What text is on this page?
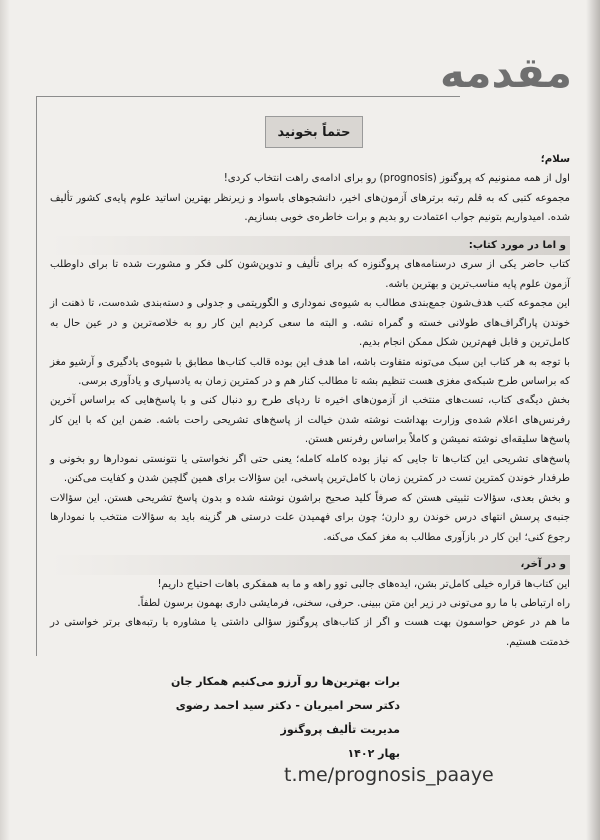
مقدمه
حتماً بخونید

سلام؛

اول از همه ممنونیم که پروگنوز (prognosis) رو برای ادامه‌ی راهت انتخاب کردی!

مجموعه کتبی که به قلم رتبه برترهای آزمون‌های اخیر، دانشجوهای باسواد و زیرنظر بهترین اساتید علوم پایه‌ی کشور تألیف شده. امیدواریم بتونیم جواب اعتمادت رو بدیم و برات خاطره‌ی خوبی بسازیم.

و اما در مورد کتاب:

کتاب حاضر یکی از سری درسنامه‌های پروگنوزه که برای تألیف و تدوین‌شون کلی فکر و مشورت شده تا برای داوطلب آزمون علوم پایه مناسب‌ترین و بهترین باشه.

این مجموعه کتب هدف‌شون جمع‌بندی مطالب به شیوه‌ی نموداری و الگوریتمی و جدولی و دسته‌بندی شده‌ست، تا ذهنت از خوندن پاراگراف‌های طولانی خسته و گمراه نشه. و البته ما سعی کردیم این کار رو به خلاصه‌ترین و در عین حال به کامل‌ترین و قابل فهم‌ترین شکل ممکن انجام بدیم.

با توجه به هر کتاب این سبک می‌تونه متفاوت باشه، اما هدف این بوده قالب کتاب‌ها مطابق با شیوه‌ی یادگیری و آرشیو مغز که براساس طرح شبکه‌ی مغزی هست تنظیم بشه تا مطالب کنار هم و در کمترین زمان به یادسپاری و یادآوری برسی.

بخش دیگه‌ی کتاب، تست‌های منتخب از آزمون‌های اخیره تا ردپای طرح رو دنبال کنی و با پاسخ‌هایی که براساس آخرین رفرنس‌های اعلام شده‌ی وزارت بهداشت نوشته شدن خیالت از پاسخ‌های تشریحی راحت باشه. ضمن این که با این کار پاسخ‌ها سلیقه‌ای نوشته نمیشن و کاملاً براساس رفرنس هستن.

پاسخ‌های تشریحی این کتاب‌ها تا جایی که نیاز بوده کامله کامله؛ یعنی حتی اگر نخواستی یا نتونستی نمودارها رو بخونی و طرفدار خوندن کمترین تست در کمترین زمان با کامل‌ترین پاسخی، این سؤالات برای همین گلچین شدن و کفایت می‌کنن.

و بخش بعدی، سؤالات تثبیتی هستن که صرفاً کلید صحیح براشون نوشته شده و بدون پاسخ تشریحی هستن. این سؤالات جنبه‌ی پرسش انتهای درس خوندن رو دارن؛ چون برای فهمیدن علت درستی هر گزینه باید به سؤالات منتخب با نمودارها رجوع کنی؛ این کار در بازآوری مطالب به مغز کمک می‌کنه.

و در آخر،

این کتاب‌ها قراره خیلی کامل‌تر بشن، ایده‌های جالبی توو راهه و ما به همفکری باهات احتیاج داریم!

راه ارتباطی با ما رو می‌تونی در زیر این متن ببینی. حرفی، سخنی، فرمایشی داری بهمون برسون لطفاً.

ما هم در عوض حواسمون بهت هست و اگر از کتاب‌های پروگنوز سؤالی داشتی یا مشاوره با رتبه‌های برتر خواستی در خدمتت هستیم.

برات بهترین‌ها رو آرزو می‌کنیم همکار جان
دکتر سحر امیریان - دکتر سید احمد رضوی
مدیریت تألیف پروگنوز
بهار ۱۴۰۲
t.me/prognosis_paaye
